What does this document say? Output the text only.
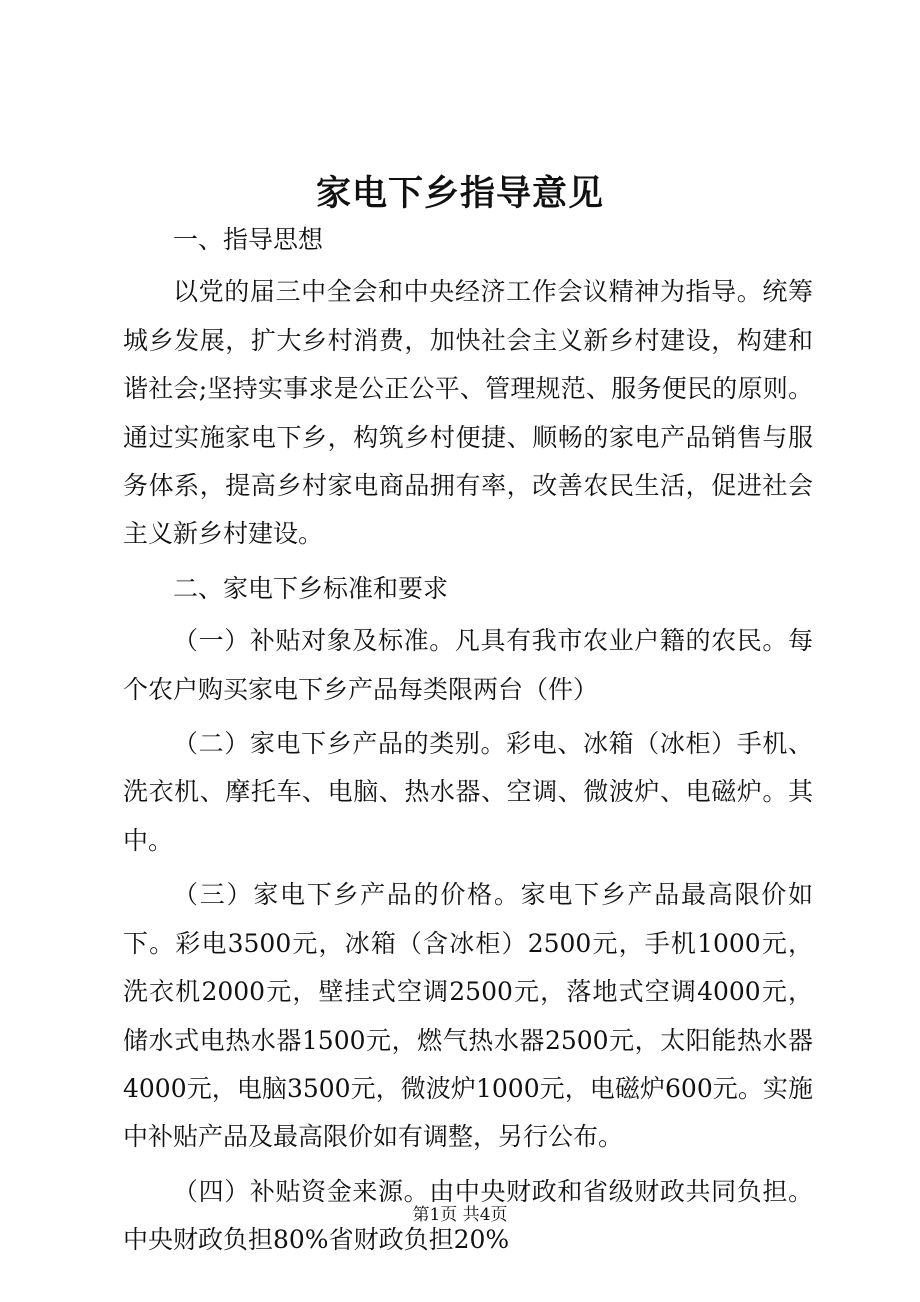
家电下乡指导意见

一、指导思想

以党的届三中全会和中央经济工作会议精神为指导。统筹城乡发展，扩大乡村消费，加快社会主义新乡村建设，构建和谐社会;坚持实事求是公正公平、管理规范、服务便民的原则。通过实施家电下乡，构筑乡村便捷、顺畅的家电产品销售与服务体系，提高乡村家电商品拥有率，改善农民生活，促进社会主义新乡村建设。

二、家电下乡标准和要求

（一）补贴对象及标准。凡具有我市农业户籍的农民。每个农户购买家电下乡产品每类限两台（件）

（二）家电下乡产品的类别。彩电、冰箱（冰柜）手机、洗衣机、摩托车、电脑、热水器、空调、微波炉、电磁炉。其中。

（三）家电下乡产品的价格。家电下乡产品最高限价如下。彩电3500元，冰箱（含冰柜）2500元，手机1000元，洗衣机2000元，壁挂式空调2500元，落地式空调4000元，储水式电热水器1500元，燃气热水器2500元，太阳能热水器4000元，电脑3500元，微波炉1000元，电磁炉600元。实施中补贴产品及最高限价如有调整，另行公布。

（四）补贴资金来源。由中央财政和省级财政共同负担。中央财政负担80%省财政负担20%

第1页 共4页
